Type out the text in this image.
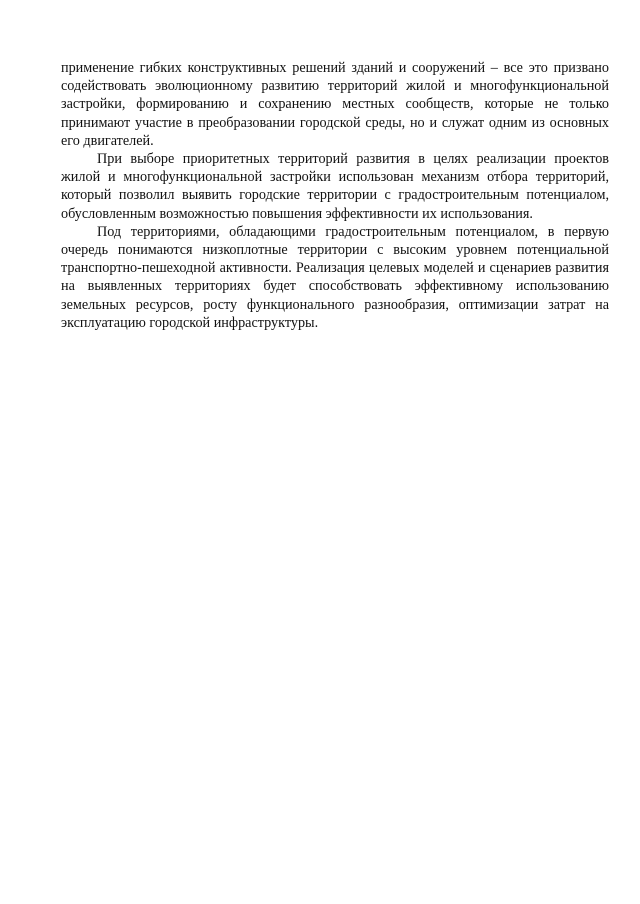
применение гибких конструктивных решений зданий и сооружений – все это призвано содействовать эволюционному развитию территорий жилой и многофункциональной застройки, формированию и сохранению местных сообществ, которые не только принимают участие в преобразовании городской среды, но и служат одним из основных его двигателей.

При выборе приоритетных территорий развития в целях реализации проектов жилой и многофункциональной застройки использован механизм отбора территорий, который позволил выявить городские территории с градостроительным потенциалом, обусловленным возможностью повышения эффективности их использования.

Под территориями, обладающими градостроительным потенциалом, в первую очередь понимаются низкоплотные территории с высоким уровнем потенциальной транспортно-пешеходной активности. Реализация целевых моделей и сценариев развития на выявленных территориях будет способствовать эффективному использованию земельных ресурсов, росту функционального разнообразия, оптимизации затрат на эксплуатацию городской инфраструктуры.
